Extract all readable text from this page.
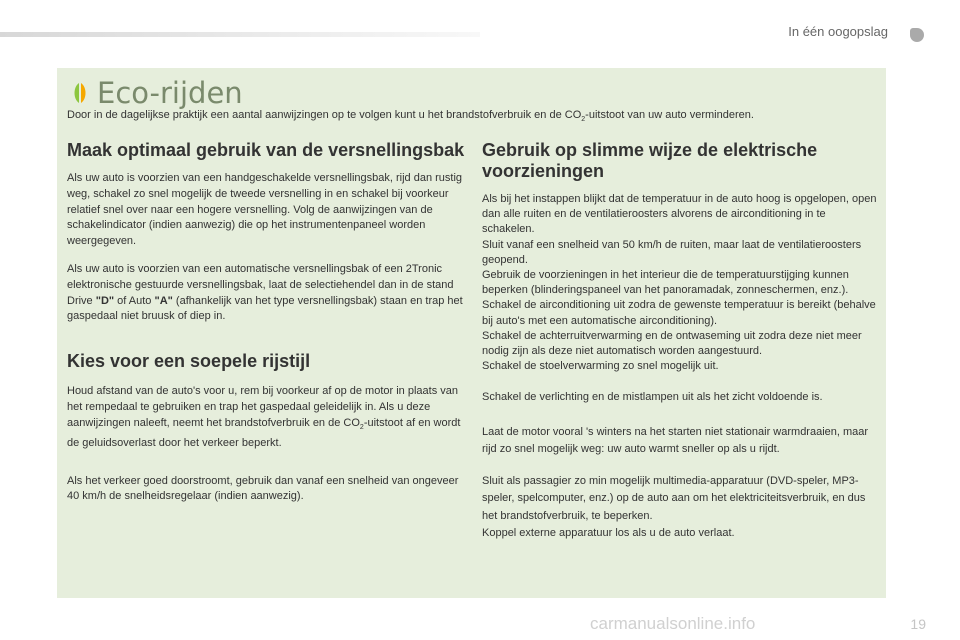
In één oogopslag
Eco-rijden
Door in de dagelijkse praktijk een aantal aanwijzingen op te volgen kunt u het brandstofverbruik en de $CO_2$-uitstoot van uw auto verminderen.
Maak optimaal gebruik van de versnellingsbak

Als uw auto is voorzien van een handgeschakelde versnellingsbak, rijd dan rustig weg, schakel zo snel mogelijk de tweede versnelling in en schakel bij voorkeur relatief snel over naar een hogere versnelling. Volg de aanwijzingen van de schakelindicator (indien aanwezig) die op het instrumentenpaneel worden weergegeven.

Als uw auto is voorzien van een automatische versnellingsbak of een 2Tronic elektronische gestuurde versnellingsbak, laat de selectiehendel dan in de stand Drive "D" of Auto "A" (afhankelijk van het type versnellingsbak) staan en trap het gaspedaal niet bruusk of diep in.

Kies voor een soepele rijstijl

Houd afstand van de auto's voor u, rem bij voorkeur af op de motor in plaats van het rempedaal te gebruiken en trap het gaspedaal geleidelijk in. Als u deze aanwijzingen naleeft, neemt het brandstofverbruik en de $CO_2$-uitstoot af en wordt de geluidsoverlast door het verkeer beperkt.

Als het verkeer goed doorstroomt, gebruik dan vanaf een snelheid van ongeveer 40 km/h de snelheidsregelaar (indien aanwezig).

Gebruik op slimme wijze de elektrische voorzieningen

Als bij het instappen blijkt dat de temperatuur in de auto hoog is opgelopen, open dan alle ruiten en de ventilatieroosters alvorens de airconditioning in te schakelen.
Sluit vanaf een snelheid van 50 km/h de ruiten, maar laat de ventilatieroosters geopend.
Gebruik de voorzieningen in het interieur die de temperatuurstijging kunnen beperken (blinderingspaneel van het panoramadak, zonneschermen, enz.).
Schakel de airconditioning uit zodra de gewenste temperatuur is bereikt (behalve bij auto's met een automatische airconditioning).
Schakel de achterruitverwarming en de ontwaseming uit zodra deze niet meer nodig zijn als deze niet automatisch worden aangestuurd.
Schakel de stoelverwarming zo snel mogelijk uit.

Schakel de verlichting en de mistlampen uit als het zicht voldoende is.

Laat de motor vooral 's winters na het starten niet stationair warmdraaien, maar rijd zo snel mogelijk weg: uw auto warmt sneller op als u rijdt.

Sluit als passagier zo min mogelijk multimedia-apparatuur (DVD-speler, MP3-speler, spelcomputer, enz.) op de auto aan om het elektriciteitsverbruik, en dus het brandstofverbruik, te beperken.

Koppel externe apparatuur los als u de auto verlaat.

carmanualsonline.info	19
